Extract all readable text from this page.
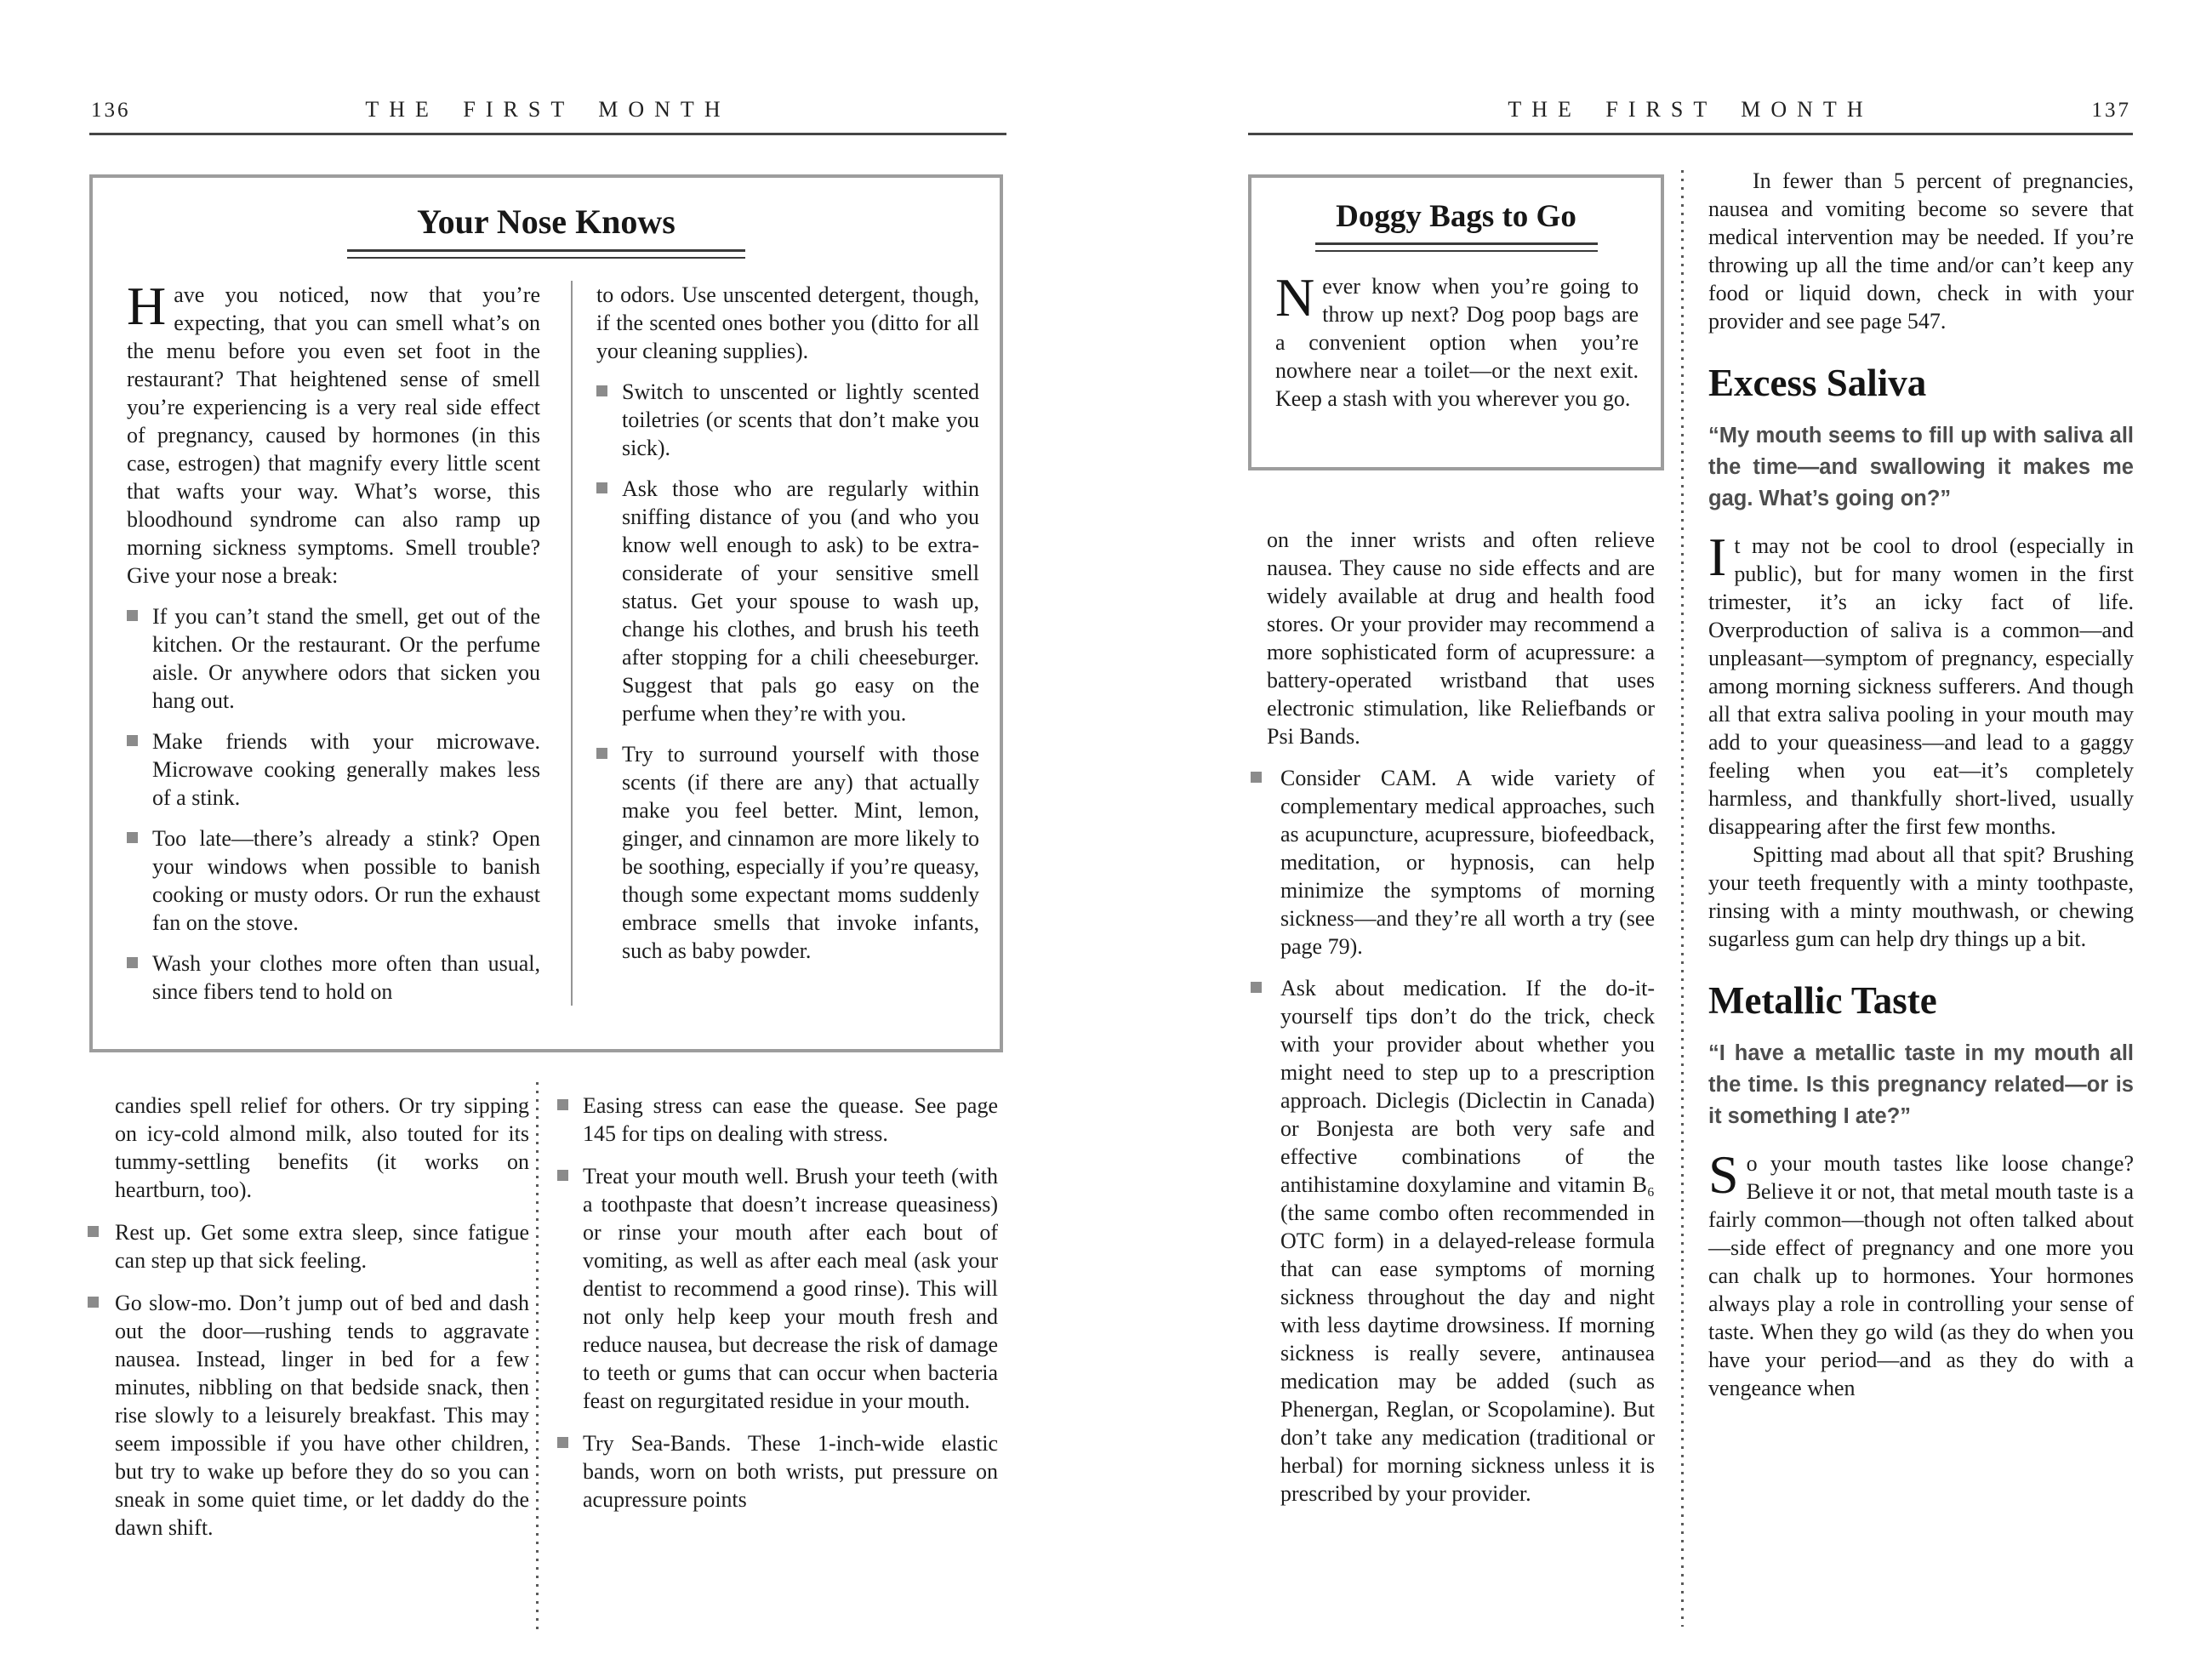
136	THE FIRST MONTH
Your Nose Knows

Have you noticed, now that you’re expecting, that you can smell what’s on the menu before you even set foot in the restaurant? That heightened sense of smell you’re experiencing is a very real side effect of pregnancy, caused by hormones (in this case, estrogen) that magnify every little scent that wafts your way. What’s worse, this bloodhound syndrome can also ramp up morning sickness symptoms. Smell trouble? Give your nose a break:

If you can’t stand the smell, get out of the kitchen. Or the restaurant. Or the perfume aisle. Or anywhere odors that sicken you hang out.
Make friends with your microwave. Microwave cooking generally makes less of a stink.
Too late—there’s already a stink? Open your windows when possible to banish cooking or musty odors. Or run the exhaust fan on the stove.
Wash your clothes more often than usual, since fibers tend to hold on

to odors. Use unscented detergent, though, if the scented ones bother you (ditto for all your cleaning supplies).

Switch to unscented or lightly scented toiletries (or scents that don’t make you sick).
Ask those who are regularly within sniffing distance of you (and who you know well enough to ask) to be extra-considerate of your sensitive smell status. Get your spouse to wash up, change his clothes, and brush his teeth after stopping for a chili cheeseburger. Suggest that pals go easy on the perfume when they’re with you.
Try to surround yourself with those scents (if there are any) that actually make you feel better. Mint, lemon, ginger, and cinnamon are more likely to be soothing, especially if you’re queasy, though some expectant moms suddenly embrace smells that invoke infants, such as baby powder.

candies spell relief for others. Or try sipping on icy-cold almond milk, also touted for its tummy-settling benefits (it works on heartburn, too).

Rest up. Get some extra sleep, since fatigue can step up that sick feeling.
Go slow-mo. Don’t jump out of bed and dash out the door—rushing tends to aggravate nausea. Instead, linger in bed for a few minutes, nibbling on that bedside snack, then rise slowly to a leisurely breakfast. This may seem impossible if you have other children, but try to wake up before they do so you can sneak in some quiet time, or let daddy do the dawn shift.
Easing stress can ease the quease. See page 145 for tips on dealing with stress.
Treat your mouth well. Brush your teeth (with a toothpaste that doesn’t increase queasiness) or rinse your mouth after each bout of vomiting, as well as after each meal (ask your dentist to recommend a good rinse). This will not only help keep your mouth fresh and reduce nausea, but decrease the risk of damage to teeth or gums that can occur when bacteria feast on regurgitated residue in your mouth.
Try Sea-Bands. These 1-inch-wide elastic bands, worn on both wrists, put pressure on acupressure points
THE FIRST MONTH	137
Doggy Bags to Go

Never know when you’re going to throw up next? Dog poop bags are a convenient option when you’re nowhere near a toilet—or the next exit. Keep a stash with you wherever you go.

on the inner wrists and often relieve nausea. They cause no side effects and are widely available at drug and health food stores. Or your provider may recommend a more sophisticated form of acupressure: a battery-operated wristband that uses electronic stimulation, like Reliefbands or Psi Bands.

Consider CAM. A wide variety of complementary medical approaches, such as acupuncture, acupressure, biofeedback, meditation, or hypnosis, can help minimize the symptoms of morning sickness—and they’re all worth a try (see page 79).
Ask about medication. If the do-it-yourself tips don’t do the trick, check with your provider about whether you might need to step up to a prescription approach. Diclegis (Diclectin in Canada) or Bonjesta are both very safe and effective combinations of the antihistamine doxylamine and vitamin B₆ (the same combo often recommended in OTC form) in a delayed-release formula that can ease symptoms of morning sickness throughout the day and night with less daytime drowsiness. If morning sickness is really severe, antinausea medication may be added (such as Phenergan, Reglan, or Scopolamine). But don’t take any medication (traditional or herbal) for morning sickness unless it is prescribed by your provider.

In fewer than 5 percent of pregnancies, nausea and vomiting become so severe that medical intervention may be needed. If you’re throwing up all the time and/or can’t keep any food or liquid down, check in with your provider and see page 547.

Excess Saliva
“My mouth seems to fill up with saliva all the time—and swallowing it makes me gag. What’s going on?”

It may not be cool to drool (especially in public), but for many women in the first trimester, it’s an icky fact of life. Overproduction of saliva is a common—and unpleasant—symptom of pregnancy, especially among morning sickness sufferers. And though all that extra saliva pooling in your mouth may add to your queasiness—and lead to a gaggy feeling when you eat—it’s completely harmless, and thankfully short-lived, usually disappearing after the first few months.

Spitting mad about all that spit? Brushing your teeth frequently with a minty toothpaste, rinsing with a minty mouthwash, or chewing sugarless gum can help dry things up a bit.

Metallic Taste
“I have a metallic taste in my mouth all the time. Is this pregnancy related—or is it something I ate?”

So your mouth tastes like loose change? Believe it or not, that metal mouth taste is a fairly common—though not often talked about—side effect of pregnancy and one more you can chalk up to hormones. Your hormones always play a role in controlling your sense of taste. When they go wild (as they do when you have your period—and as they do with a vengeance when
